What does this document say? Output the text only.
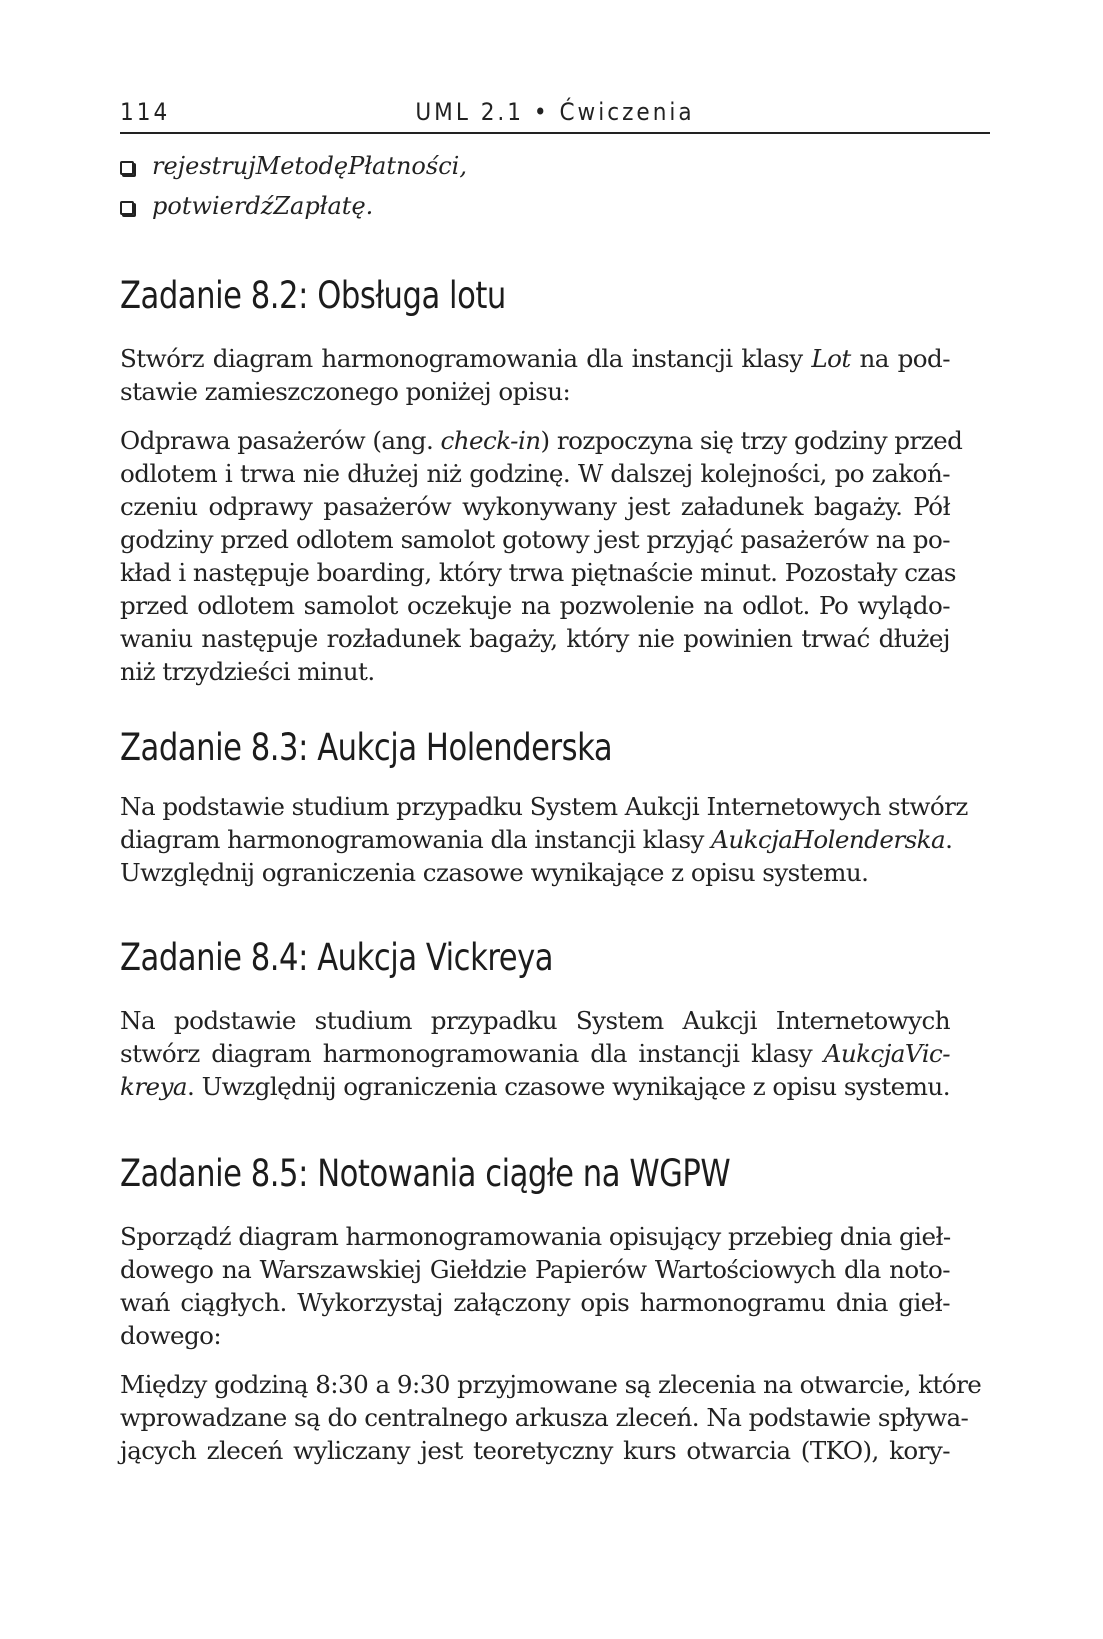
114	UML 2.1 • Ćwiczenia
rejestrujMetodęPłatności,
potwierdźZapłatę.
Zadanie 8.2: Obsługa lotu

Stwórz diagram harmonogramowania dla instancji klasy Lot na pod-
stawie zamieszczonego poniżej opisu:

Odprawa pasażerów (ang. check-in) rozpoczyna się trzy godziny przed
odlotem i trwa nie dłużej niż godzinę. W dalszej kolejności, po zakoń-
czeniu odprawy pasażerów wykonywany jest załadunek bagaży. Pół
godziny przed odlotem samolot gotowy jest przyjąć pasażerów na po-
kład i następuje boarding, który trwa piętnaście minut. Pozostały czas
przed odlotem samolot oczekuje na pozwolenie na odlot. Po wylądo-
waniu następuje rozładunek bagaży, który nie powinien trwać dłużej
niż trzydzieści minut.

Zadanie 8.3: Aukcja Holenderska

Na podstawie studium przypadku System Aukcji Internetowych stwórz
diagram harmonogramowania dla instancji klasy AukcjaHolenderska.
Uwzględnij ograniczenia czasowe wynikające z opisu systemu.

Zadanie 8.4: Aukcja Vickreya

Na podstawie studium przypadku System Aukcji Internetowych
stwórz diagram harmonogramowania dla instancji klasy AukcjaVic-
kreya. Uwzględnij ograniczenia czasowe wynikające z opisu systemu.

Zadanie 8.5: Notowania ciągłe na WGPW

Sporządź diagram harmonogramowania opisujący przebieg dnia gieł-
dowego na Warszawskiej Giełdzie Papierów Wartościowych dla noto-
wań ciągłych. Wykorzystaj załączony opis harmonogramu dnia gieł-
dowego:

Między godziną 8:30 a 9:30 przyjmowane są zlecenia na otwarcie, które
wprowadzane są do centralnego arkusza zleceń. Na podstawie spływa-
jących zleceń wyliczany jest teoretyczny kurs otwarcia (TKO), kory-
